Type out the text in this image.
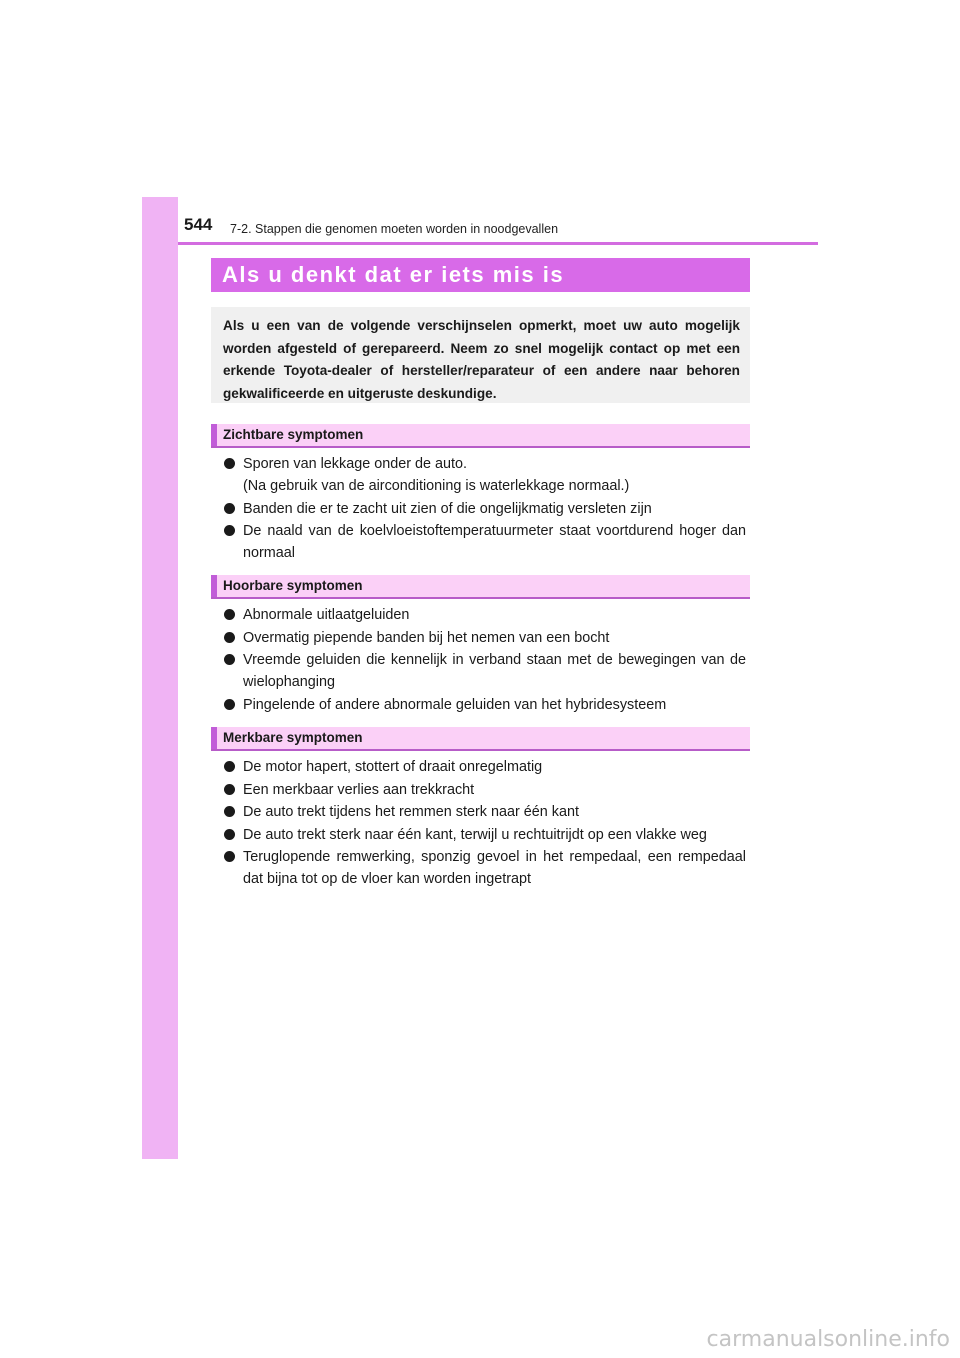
544 7-2. Stappen die genomen moeten worden in noodgevallen
Als u denkt dat er iets mis is

Als u een van de volgende verschijnselen opmerkt, moet uw auto mogelijk worden afgesteld of gerepareerd. Neem zo snel mogelijk contact op met een erkende Toyota-dealer of hersteller/reparateur of een andere naar behoren gekwalificeerde en uitgeruste deskundige.

Zichtbare symptomen
Sporen van lekkage onder de auto.
(Na gebruik van de airconditioning is waterlekkage normaal.)
Banden die er te zacht uit zien of die ongelijkmatig versleten zijn
De naald van de koelvloeistoftemperatuurmeter staat voortdurend hoger dan normaal
Hoorbare symptomen
Abnormale uitlaatgeluiden
Overmatig piepende banden bij het nemen van een bocht
Vreemde geluiden die kennelijk in verband staan met de bewegingen van de wielophanging
Pingelende of andere abnormale geluiden van het hybridesysteem
Merkbare symptomen
De motor hapert, stottert of draait onregelmatig
Een merkbaar verlies aan trekkracht
De auto trekt tijdens het remmen sterk naar één kant
De auto trekt sterk naar één kant, terwijl u rechtuitrijdt op een vlakke weg
Teruglopende remwerking, sponzig gevoel in het rempedaal, een rempedaal dat bijna tot op de vloer kan worden ingetrapt
carmanualsonline.info
